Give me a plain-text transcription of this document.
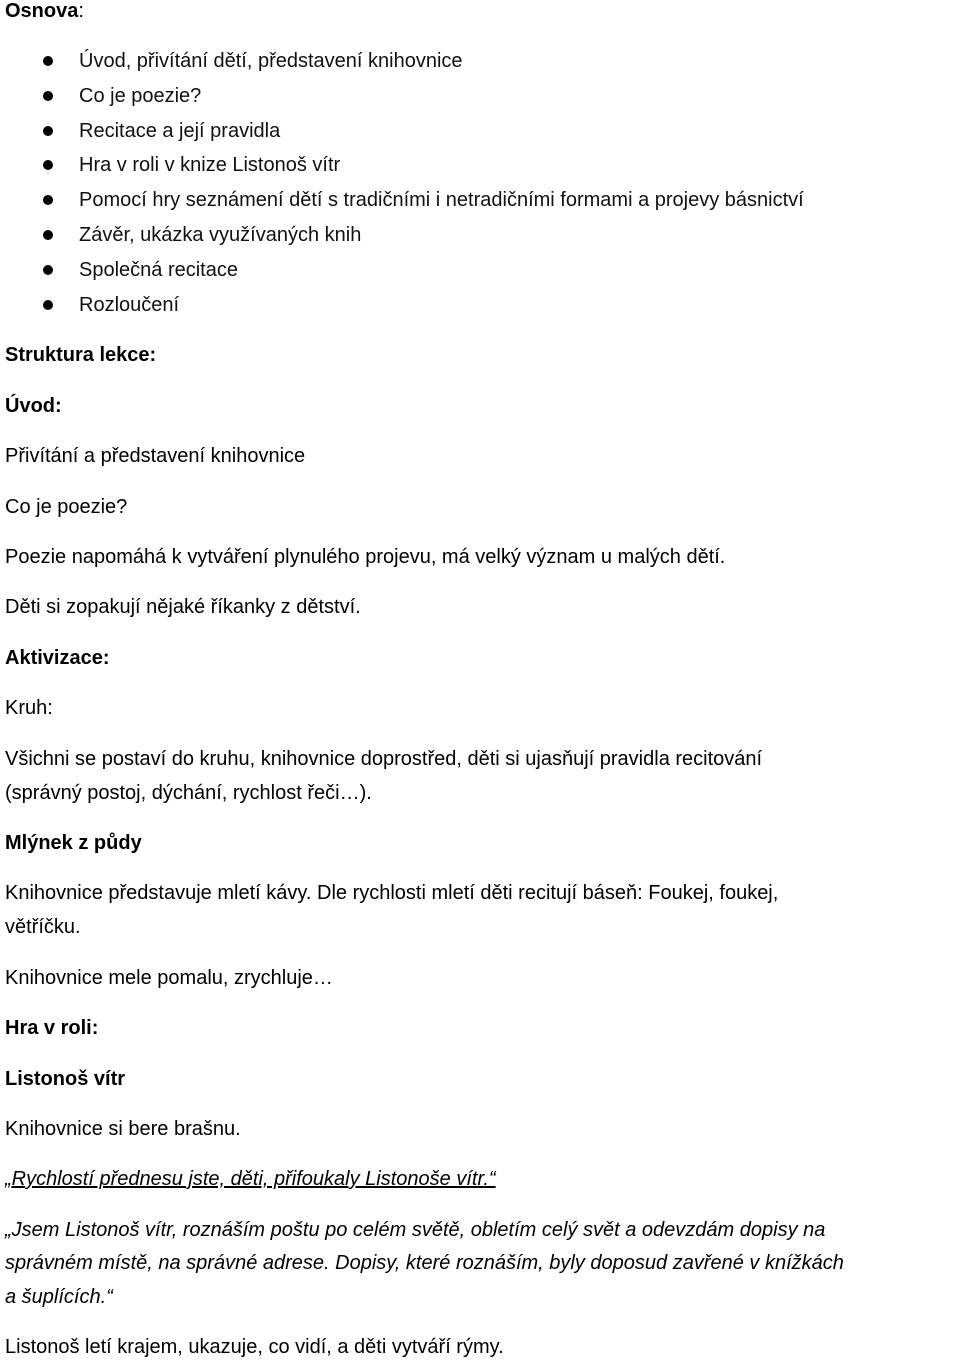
Osnova:
Úvod, přivítání dětí, představení knihovnice
Co je poezie?
Recitace a její pravidla
Hra v roli v knize Listonoš vítr
Pomocí hry seznámení dětí s tradičními i netradičními formami a projevy básnictví
Závěr, ukázka využívaných knih
Společná recitace
Rozloučení
Struktura lekce:
Úvod:
Přivítání a představení knihovnice
Co je poezie?
Poezie napomáhá k vytváření plynulého projevu, má velký význam u malých dětí.
Děti si zopakují nějaké říkanky z dětství.
Aktivizace:
Kruh:
Všichni se postaví do kruhu, knihovnice doprostřed, děti si ujasňují pravidla recitování
(správný postoj, dýchání, rychlost řeči…).
Mlýnek z půdy
Knihovnice představuje mletí kávy. Dle rychlosti mletí děti recitují báseň: Foukej, foukej,
větříčku.
Knihovnice mele pomalu, zrychluje…
Hra v roli:
Listonoš vítr
Knihovnice si bere brašnu.
„Rychlostí přednesu jste, děti, přifoukaly Listonoše vítr.“
„Jsem Listonoš vítr, roznáším poštu po celém světě, obletím celý svět a odevzdám dopisy na
správném místě, na správné adrese. Dopisy, které roznáším, byly doposud zavřené v knížkách
a šuplících.“
Listonoš letí krajem, ukazuje, co vidí, a děti vytváří rýmy.
